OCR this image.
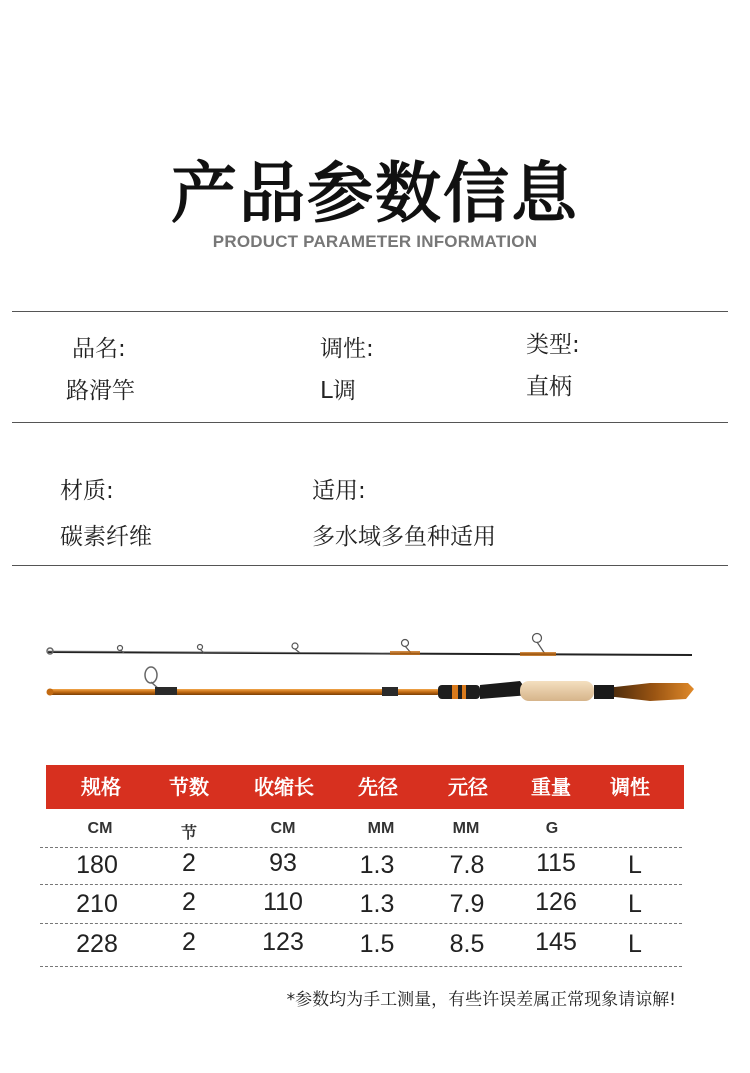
产品参数信息
PRODUCT PARAMETER INFORMATION
品名:
路滑竿
调性:
L调
类型:
直柄
材质:
碳素纤维
适用:
多水域多鱼种适用
规格 节数 收缩长 先径	元径 重量 调性
CM	节	CM	MM	MM	G
180	2	93	1.3 7.8 115 L
210	2	110 1.3 7.9 126 L
228	2	123 1.5 8.5 145 L
*参数均为手工测量，有些许误差属正常现象请谅解!
